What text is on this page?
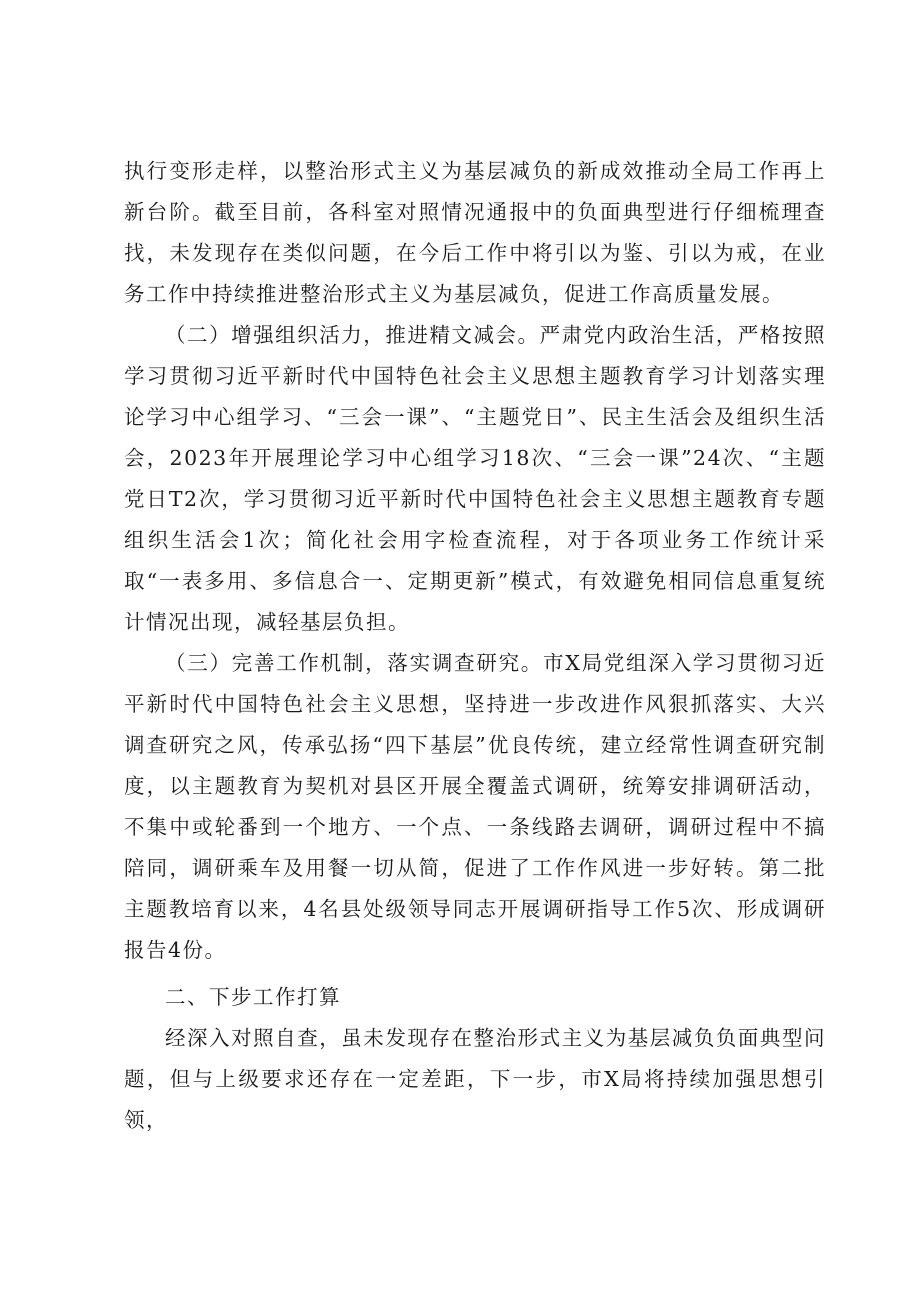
执行变形走样，以整治形式主义为基层减负的新成效推动全局工作再上新台阶。截至目前，各科室对照情况通报中的负面典型进行仔细梳理查找，未发现存在类似问题，在今后工作中将引以为鉴、引以为戒，在业务工作中持续推进整治形式主义为基层减负，促进工作高质量发展。

（二）增强组织活力，推进精文减会。严肃党内政治生活，严格按照学习贯彻习近平新时代中国特色社会主义思想主题教育学习计划落实理论学习中心组学习、“三会一课”、“主题党日”、民主生活会及组织生活会，2023年开展理论学习中心组学习18次、“三会一课”24次、“主题党日T2次，学习贯彻习近平新时代中国特色社会主义思想主题教育专题组织生活会1次；简化社会用字检查流程，对于各项业务工作统计采取“一表多用、多信息合一、定期更新”模式，有效避免相同信息重复统计情况出现，减轻基层负担。

（三）完善工作机制，落实调查研究。市X局党组深入学习贯彻习近平新时代中国特色社会主义思想，坚持进一步改进作风狠抓落实、大兴调查研究之风，传承弘扬“四下基层”优良传统，建立经常性调查研究制度，以主题教育为契机对县区开展全覆盖式调研，统筹安排调研活动，不集中或轮番到一个地方、一个点、一条线路去调研，调研过程中不搞陪同，调研乘车及用餐一切从简，促进了工作作风进一步好转。第二批主题教培育以来，4名县处级领导同志开展调研指导工作5次、形成调研报告4份。

二、下步工作打算

经深入对照自查，虽未发现存在整治形式主义为基层减负负面典型问题，但与上级要求还存在一定差距，下一步，市X局将持续加强思想引领，
